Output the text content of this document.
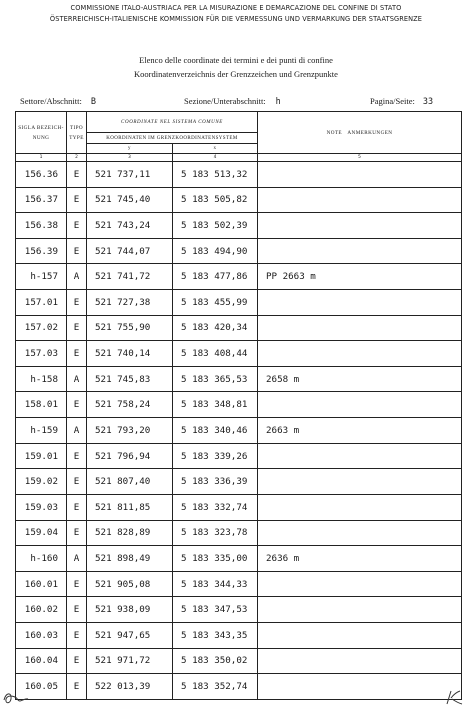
COMMISSIONE ITALO-AUSTRIACA PER LA MISURAZIONE E DEMARCAZIONE DEL CONFINE DI STATO
ÖSTERREICHISCH-ITALIENISCHE KOMMISSION FÜR DIE VERMESSUNG UND VERMARKUNG DER STAATSGRENZE
Elenco delle coordinate dei termini e dei punti di confine
Koordinatenverzeichnis der Grenzzeichen und Grenzpunkte
Settore/Abschnitt: B	Sezione/Unterabschnitt: h	Pagina/Seite: 33
SIGLA BEZEICH-NUNG	TIPO TYPE	COORDINATE NEL SISTEMA COMUNE
KOORDINATEN IM GRENZKOORDINATENSYSTEM
y x		NOTE ANMERKUNGEN
1	2	3	4	5
156.36	E	521 737,11	5 183 513,32	
156.37	E	521 745,40	5 183 505,82	
156.38	E	521 743,24	5 183 502,39	
156.39	E	521 744,07	5 183 494,90	
h-157	A	521 741,72	5 183 477,86	PP 2663 m
157.01	E	521 727,38	5 183 455,99	
157.02	E	521 755,90	5 183 420,34	
157.03	E	521 740,14	5 183 408,44	
h-158	A	521 745,83	5 183 365,53	2658 m
158.01	E	521 758,24	5 183 348,81	
h-159	A	521 793,20	5 183 340,46	2663 m
159.01	E	521 796,94	5 183 339,26	
159.02	E	521 807,40	5 183 336,39	
159.03	E	521 811,85	5 183 332,74	
159.04	E	521 828,89	5 183 323,78	
h-160	A	521 898,49	5 183 335,00	2636 m
160.01	E	521 905,08	5 183 344,33	
160.02	E	521 938,09	5 183 347,53	
160.03	E	521 947,65	5 183 343,35	
160.04	E	521 971,72	5 183 350,02	
160.05	E	522 013,39	5 183 352,74	
